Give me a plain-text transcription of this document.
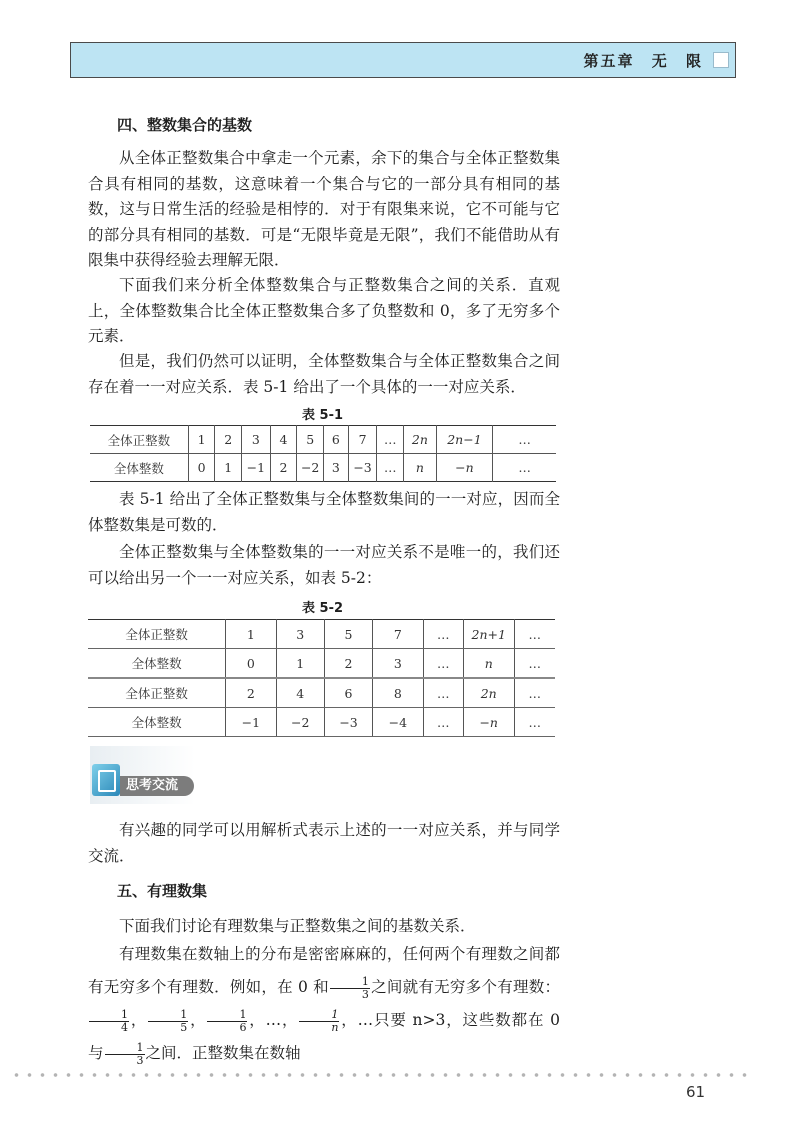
第五章 无 限
四、整数集合的基数

从全体正整数集合中拿走一个元素，余下的集合与全体正整数集合具有相同的基数，这意味着一个集合与它的一部分具有相同的基数，这与日常生活的经验是相悖的．对于有限集来说，它不可能与它的部分具有相同的基数．可是“无限毕竟是无限”，我们不能借助从有限集中获得经验去理解无限．

下面我们来分析全体整数集合与正整数集合之间的关系．直观上，全体整数集合比全体正整数集合多了负整数和 0，多了无穷多个元素．

但是，我们仍然可以证明，全体整数集合与全体正整数集合之间存在着一一对应关系．表 5-1 给出了一个具体的一一对应关系．

表 5-1
全体正整数	1	2	3	4	5	6	7	…	2n	2n−1	…
全体整数	0	1	−1	2	−2	3	−3	…	n	−n	…

表 5-1 给出了全体正整数集与全体整数集间的一一对应，因而全体整数集是可数的．

全体正整数集与全体整数集的一一对应关系不是唯一的，我们还可以给出另一个一一对应关系，如表 5-2：

表 5-2
全体正整数	1	3	5	7	…	2n+1	…
全体整数	0	1	2	3	…	n	…
全体正整数	2	4	6	8	…	2n	…
全体整数	−1	−2	−3	−4	…	−n	…
思考交流

有兴趣的同学可以用解析式表示上述的一一对应关系，并与同学交流．

五、有理数集

下面我们讨论有理数集与正整数集之间的基数关系．

有理数集在数轴上的分布是密密麻麻的，任何两个有理数之间都有无穷多个有理数．例如，在 0 和 $\frac{1}{3}$ 之间就有无穷多个有理数：
$\frac{1}{4}$ ， $\frac{1}{5}$ ， $\frac{1}{6}$ ，…， $\frac{1}{n}$ ，…只要 n>3，这些数都在 0 与 $\frac{1}{3}$ 之间．正整数集在数轴

61
